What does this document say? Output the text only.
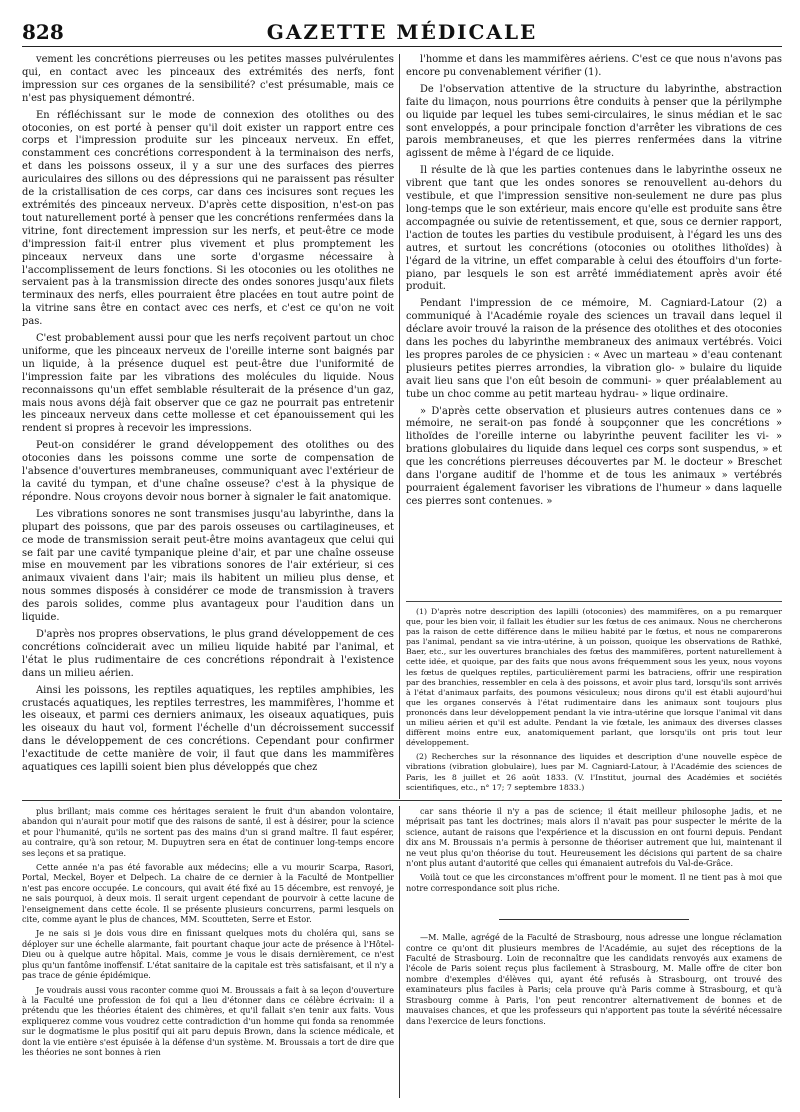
828	GAZETTE MÉDICALE

vement les concrétions pierreuses ou les petites masses pulvérulentes qui, en contact avec les pinceaux des extrémités des nerfs, font impression sur ces organes de la sensibilité? c'est présumable, mais ce n'est pas physiquement démontré.

En réfléchissant sur le mode de connexion des otolithes ou des otoconies, on est porté à penser qu'il doit exister un rapport entre ces corps et l'impression produite sur les pinceaux nerveux. En effet, constamment ces concrétions correspondent à la terminaison des nerfs, et dans les poissons osseux, il y a sur une des surfaces des pierres auriculaires des sillons ou des dépressions qui ne paraissent pas résulter de la cristallisation de ces corps, car dans ces incisures sont reçues les extrémités des pinceaux nerveux. D'après cette disposition, n'est-on pas tout naturellement porté à penser que les concrétions renfermées dans la vitrine, font directement impression sur les nerfs, et peut-être ce mode d'impression fait-il entrer plus vivement et plus promptement les pinceaux nerveux dans une sorte d'orgasme nécessaire à l'accomplissement de leurs fonctions. Si les otoconies ou les otolithes ne servaient pas à la transmission directe des ondes sonores jusqu'aux filets terminaux des nerfs, elles pourraient être placées en tout autre point de la vitrine sans être en contact avec ces nerfs, et c'est ce qu'on ne voit pas.

C'est probablement aussi pour que les nerfs reçoivent partout un choc uniforme, que les pinceaux nerveux de l'oreille interne sont baignés par un liquide, à la présence duquel est peut-être due l'uniformité de l'impression faite par les vibrations des molécules du liquide. Nous reconnaissons qu'un effet semblable résulterait de la présence d'un gaz, mais nous avons déjà fait observer que ce gaz ne pourrait pas entretenir les pinceaux nerveux dans cette mollesse et cet épanouissement qui les rendent si propres à recevoir les impressions.

Peut-on considérer le grand développement des otolithes ou des otoconies dans les poissons comme une sorte de compensation de l'absence d'ouvertures membraneuses, communiquant avec l'extérieur de la cavité du tympan, et d'une chaîne osseuse? c'est à la physique de répondre. Nous croyons devoir nous borner à signaler le fait anatomique.

Les vibrations sonores ne sont transmises jusqu'au labyrinthe, dans la plupart des poissons, que par des parois osseuses ou cartilagineuses, et ce mode de transmission serait peut-être moins avantageux que celui qui se fait par une cavité tympanique pleine d'air, et par une chaîne osseuse mise en mouvement par les vibrations sonores de l'air extérieur, si ces animaux vivaient dans l'air; mais ils habitent un milieu plus dense, et nous sommes disposés à considérer ce mode de transmission à travers des parois solides, comme plus avantageux pour l'audition dans un liquide.

D'après nos propres observations, le plus grand développement de ces concrétions coïnciderait avec un milieu liquide habité par l'animal, et l'état le plus rudimentaire de ces concrétions répondrait à l'existence dans un milieu aérien.

Ainsi les poissons, les reptiles aquatiques, les reptiles amphibies, les crustacés aquatiques, les reptiles terrestres, les mammifères, l'homme et les oiseaux, et parmi ces derniers animaux, les oiseaux aquatiques, puis les oiseaux du haut vol, forment l'échelle d'un décroissement successif dans le développement de ces concrétions. Cependant pour confirmer l'exactitude de cette manière de voir, il faut que dans les mammifères aquatiques ces lapilli soient bien plus développés que chez

l'homme et dans les mammifères aériens. C'est ce que nous n'avons pas encore pu convenablement vérifier (1).

De l'observation attentive de la structure du labyrinthe, abstraction faite du limaçon, nous pourrions être conduits à penser que la périlymphe ou liquide par lequel les tubes semi-circulaires, le sinus médian et le sac sont enveloppés, a pour principale fonction d'arrêter les vibrations de ces parois membraneuses, et que les pierres renfermées dans la vitrine agissent de même à l'égard de ce liquide.

Il résulte de là que les parties contenues dans le labyrinthe osseux ne vibrent que tant que les ondes sonores se renouvellent au-dehors du vestibule, et que l'impression sensitive non-seulement ne dure pas plus long-temps que le son extérieur, mais encore qu'elle est produite sans être accompagnée ou suivie de retentissement, et que, sous ce dernier rapport, l'action de toutes les parties du vestibule produisent, à l'égard les uns des autres, et surtout les concrétions (otoconies ou otolithes lithoïdes) à l'égard de la vitrine, un effet comparable à celui des étouffoirs d'un forte-piano, par lesquels le son est arrêté immédiatement après avoir été produit.

Pendant l'impression de ce mémoire, M. Cagniard-Latour (2) a communiqué à l'Académie royale des sciences un travail dans lequel il déclare avoir trouvé la raison de la présence des otolithes et des otoconies dans les poches du labyrinthe membraneux des animaux vertébrés. Voici les propres paroles de ce physicien : « Avec un marteau » d'eau contenant plusieurs petites pierres arrondies, la vibration glo- » bulaire du liquide avait lieu sans que l'on eût besoin de communi- » quer préalablement au tube un choc comme au petit marteau hydrau- » lique ordinaire.

» D'après cette observation et plusieurs autres contenues dans ce » mémoire, ne serait-on pas fondé à soupçonner que les concrétions » lithoïdes de l'oreille interne ou labyrinthe peuvent faciliter les vi- » brations globulaires du liquide dans lequel ces corps sont suspendus, » et que les concrétions pierreuses découvertes par M. le docteur » Breschet dans l'organe auditif de l'homme et de tous les animaux » vertébrés pourraient également favoriser les vibrations de l'humeur » dans laquelle ces pierres sont contenues. »

(1) D'après notre description des lapilli (otoconies) des mammifères, on a pu remarquer que, pour les bien voir, il fallait les étudier sur les fœtus de ces animaux. Nous ne chercherons pas la raison de cette différence dans le milieu habité par le fœtus, et nous ne comparerons pas l'animal, pendant sa vie intra-utérine, à un poisson, quoique les observations de Rathké, Baer, etc., sur les ouvertures branchiales des fœtus des mammifères, portent naturellement à cette idée, et quoique, par des faits que nous avons fréquemment sous les yeux, nous voyons les fœtus de quelques reptiles, particulièrement parmi les batraciens, offrir une respiration par des branchies, ressembler en cela à des poissons, et avoir plus tard, lorsqu'ils sont arrivés à l'état d'animaux parfaits, des poumons vésiculeux; nous dirons qu'il est établi aujourd'hui que les organes conservés à l'état rudimentaire dans les animaux sont toujours plus prononcés dans leur développement pendant la vie intra-utérine que lorsque l'animal vit dans un milieu aérien et qu'il est adulte. Pendant la vie fœtale, les animaux des diverses classes diffèrent moins entre eux, anatomiquement parlant, que lorsqu'ils ont pris tout leur développement.

(2) Recherches sur la résonnance des liquides et description d'une nouvelle espèce de vibrations (vibration globulaire), lues par M. Cagniard-Latour, à l'Académie des sciences de Paris, les 8 juillet et 26 août 1833. (V. l'Institut, journal des Académies et sociétés scientifiques, etc., n° 17; 7 septembre 1833.)

plus brillant; mais comme ces héritages seraient le fruit d'un abandon volontaire, abandon qui n'aurait pour motif que des raisons de santé, il est à désirer, pour la science et pour l'humanité, qu'ils ne sortent pas des mains d'un si grand maître. Il faut espérer, au contraire, qu'à son retour, M. Dupuytren sera en état de continuer long-temps encore ses leçons et sa pratique.

Cette année n'a pas été favorable aux médecins; elle a vu mourir Scarpa, Rasori, Portal, Meckel, Boyer et Delpech. La chaire de ce dernier à la Faculté de Montpellier n'est pas encore occupée. Le concours, qui avait été fixé au 15 décembre, est renvoyé, je ne sais pourquoi, à deux mois. Il serait urgent cependant de pourvoir à cette lacune de l'enseignement dans cette école. Il se présente plusieurs concurrens, parmi lesquels on cite, comme ayant le plus de chances, MM. Scoutteten, Serre et Estor.

Je ne sais si je dois vous dire en finissant quelques mots du choléra qui, sans se déployer sur une échelle alarmante, fait pourtant chaque jour acte de présence à l'Hôtel-Dieu ou à quelque autre hôpital. Mais, comme je vous le disais dernièrement, ce n'est plus qu'un fantôme inoffensif. L'état sanitaire de la capitale est très satisfaisant, et il n'y a pas trace de génie épidémique.

Je voudrais aussi vous raconter comme quoi M. Broussais a fait à sa leçon d'ouverture à la Faculté une profession de foi qui a lieu d'étonner dans ce célèbre écrivain: il a prétendu que les théories étaient des chimères, et qu'il fallait s'en tenir aux faits. Vous expliquerez comme vous voudrez cette contradiction d'un homme qui fonda sa renommée sur le dogmatisme le plus positif qui ait paru depuis Brown, dans la science médicale, et dont la vie entière s'est épuisée à la défense d'un système. M. Broussais a tort de dire que les théories ne sont bonnes à rien

car sans théorie il n'y a pas de science; il était meilleur philosophe jadis, et ne méprisait pas tant les doctrines; mais alors il n'avait pas pour suspecter le mérite de la science, autant de raisons que l'expérience et la discussion en ont fourni depuis. Pendant dix ans M. Broussais n'a permis à personne de théoriser autrement que lui, maintenant il ne veut plus qu'on théorise du tout. Heureusement les décisions qui partent de sa chaire n'ont plus autant d'autorité que celles qui émanaient autrefois du Val-de-Grâce.

Voilà tout ce que les circonstances m'offrent pour le moment. Il ne tient pas à moi que notre correspondance soit plus riche.

—M. Malle, agrégé de la Faculté de Strasbourg, nous adresse une longue réclamation contre ce qu'ont dit plusieurs membres de l'Académie, au sujet des réceptions de la Faculté de Strasbourg. Loin de reconnaître que les candidats renvoyés aux examens de l'école de Paris soient reçus plus facilement à Strasbourg, M. Malle offre de citer bon nombre d'exemples d'élèves qui, ayant été refusés à Strasbourg, ont trouvé des examinateurs plus faciles à Paris; cela prouve qu'à Paris comme à Strasbourg, et qu'à Strasbourg comme à Paris, l'on peut rencontrer alternativement de bonnes et de mauvaises chances, et que les professeurs qui n'apportent pas toute la sévérité nécessaire dans l'exercice de leurs fonctions.
